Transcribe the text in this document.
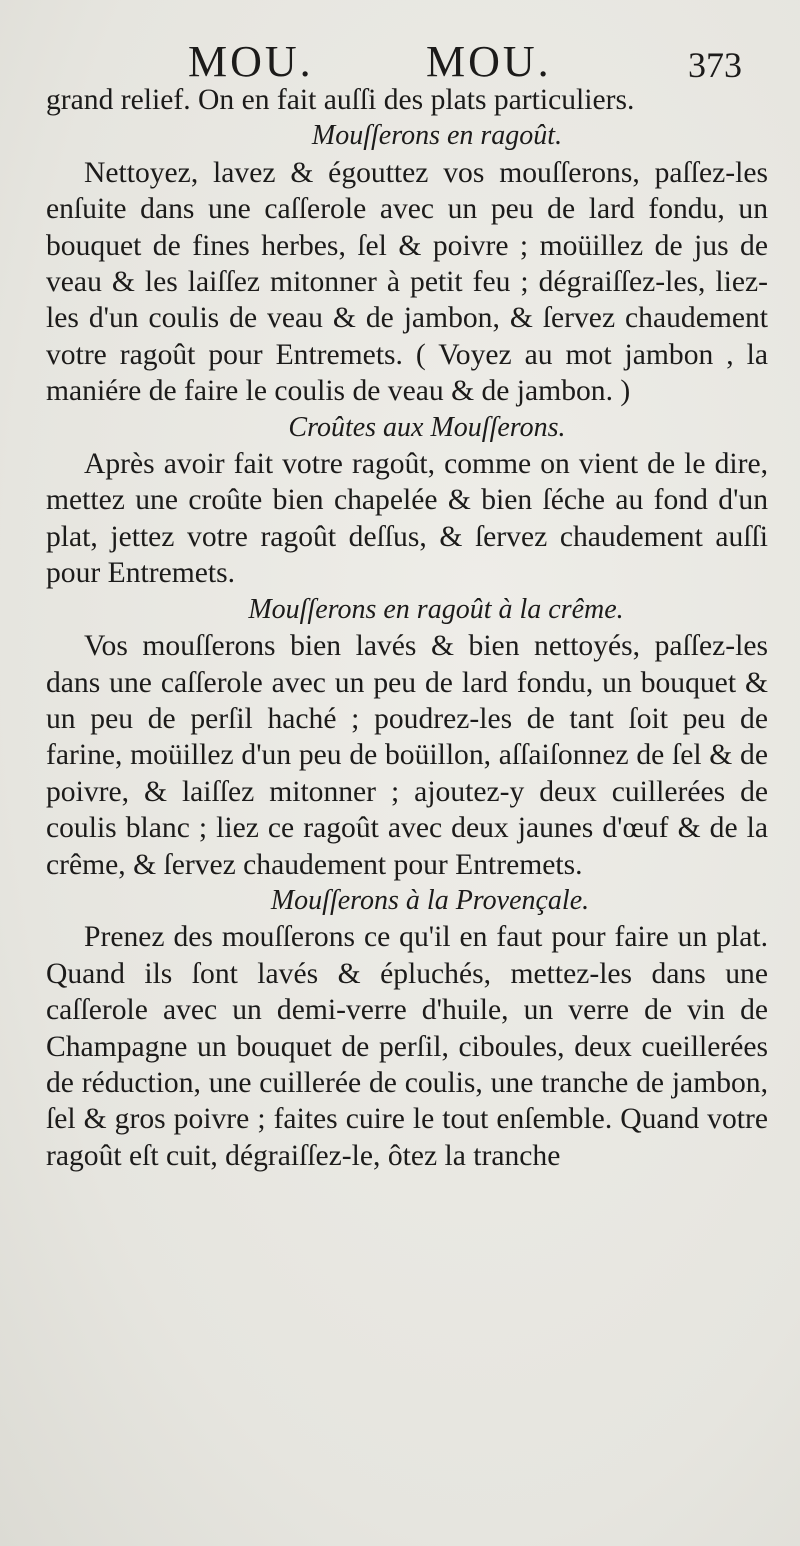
MOU.	MOU.	373

grand relief. On en fait auſſi des plats particuliers.

Mouſſerons en ragoût.

Nettoyez, lavez & égouttez vos mouſſerons, paſſez-les enſuite dans une caſſerole avec un peu de lard fondu, un bouquet de fines herbes, ſel & poivre ; moüillez de jus de veau & les laiſſez mitonner à petit feu ; dégraiſſez-les, liez-les d'un coulis de veau & de jambon, & ſervez chaudement votre ragoût pour Entremets. ( Voyez au mot jambon , la maniére de faire le coulis de veau & de jambon. )

Croûtes aux Mouſſerons.

Après avoir fait votre ragoût, comme on vient de le dire, mettez une croûte bien chapelée & bien ſéche au fond d'un plat, jettez votre ragoût deſſus, & ſervez chaudement auſſi pour Entremets.

Mouſſerons en ragoût à la crême.

Vos mouſſerons bien lavés & bien nettoyés, paſſez-les dans une caſſerole avec un peu de lard fondu, un bouquet & un peu de perſil haché ; poudrez-les de tant ſoit peu de farine, moüillez d'un peu de boüillon, aſſaiſonnez de ſel & de poivre, & laiſſez mitonner ; ajoutez-y deux cuillerées de coulis blanc ; liez ce ragoût avec deux jaunes d'œuf & de la crême, & ſervez chaudement pour Entremets.

Mouſſerons à la Provençale.

Prenez des mouſſerons ce qu'il en faut pour faire un plat. Quand ils ſont lavés & épluchés, mettez-les dans une caſſerole avec un demi-verre d'huile, un verre de vin de Champagne un bouquet de perſil, ciboules, deux cueillerées de réduction, une cuillerée de coulis, une tranche de jambon, ſel & gros poivre ; faites cuire le tout enſemble. Quand votre ragoût eſt cuit, dégraiſſez-le, ôtez la tranche
